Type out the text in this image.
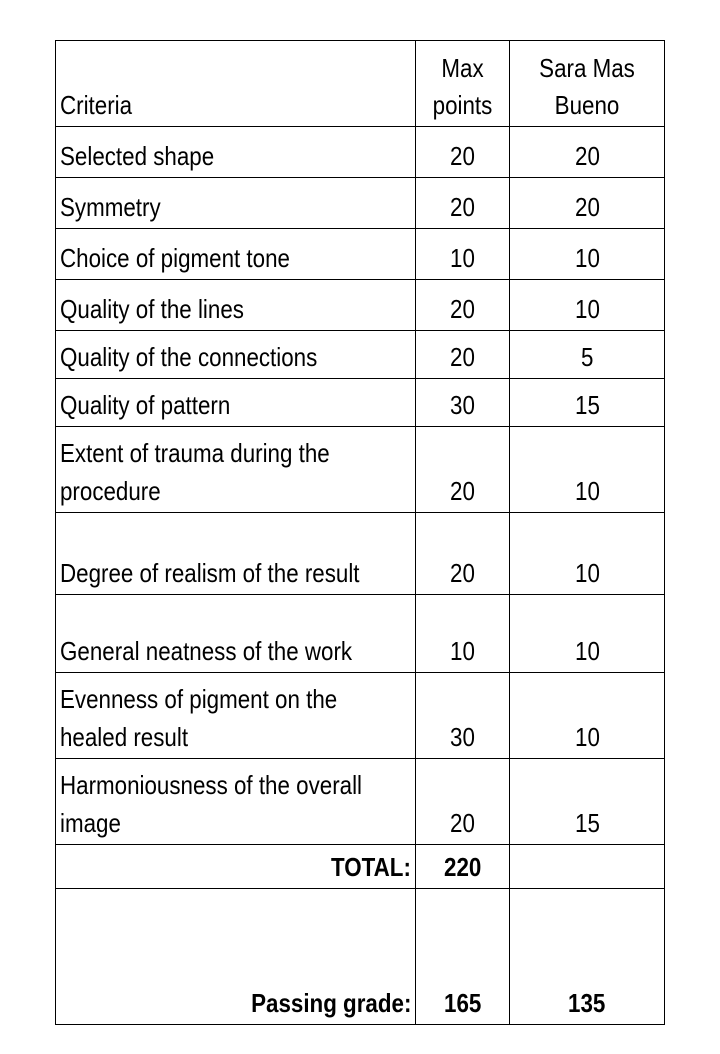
Criteria	Max points	Sara Mas Bueno

Selected shape	20	20
Symmetry	20	20
Choice of pigment tone	10	10
Quality of the lines	20	10
Quality of the connections	20	5
Quality of pattern	30	15

Extent of trauma during the procedure	20	10

Degree of realism of the result	20	10
General neatness of the work	10	10

Evenness of pigment on the healed result	30	10

Harmoniousness of the overall image	20	15
TOTAL:	220	
Passing grade:	165	135
